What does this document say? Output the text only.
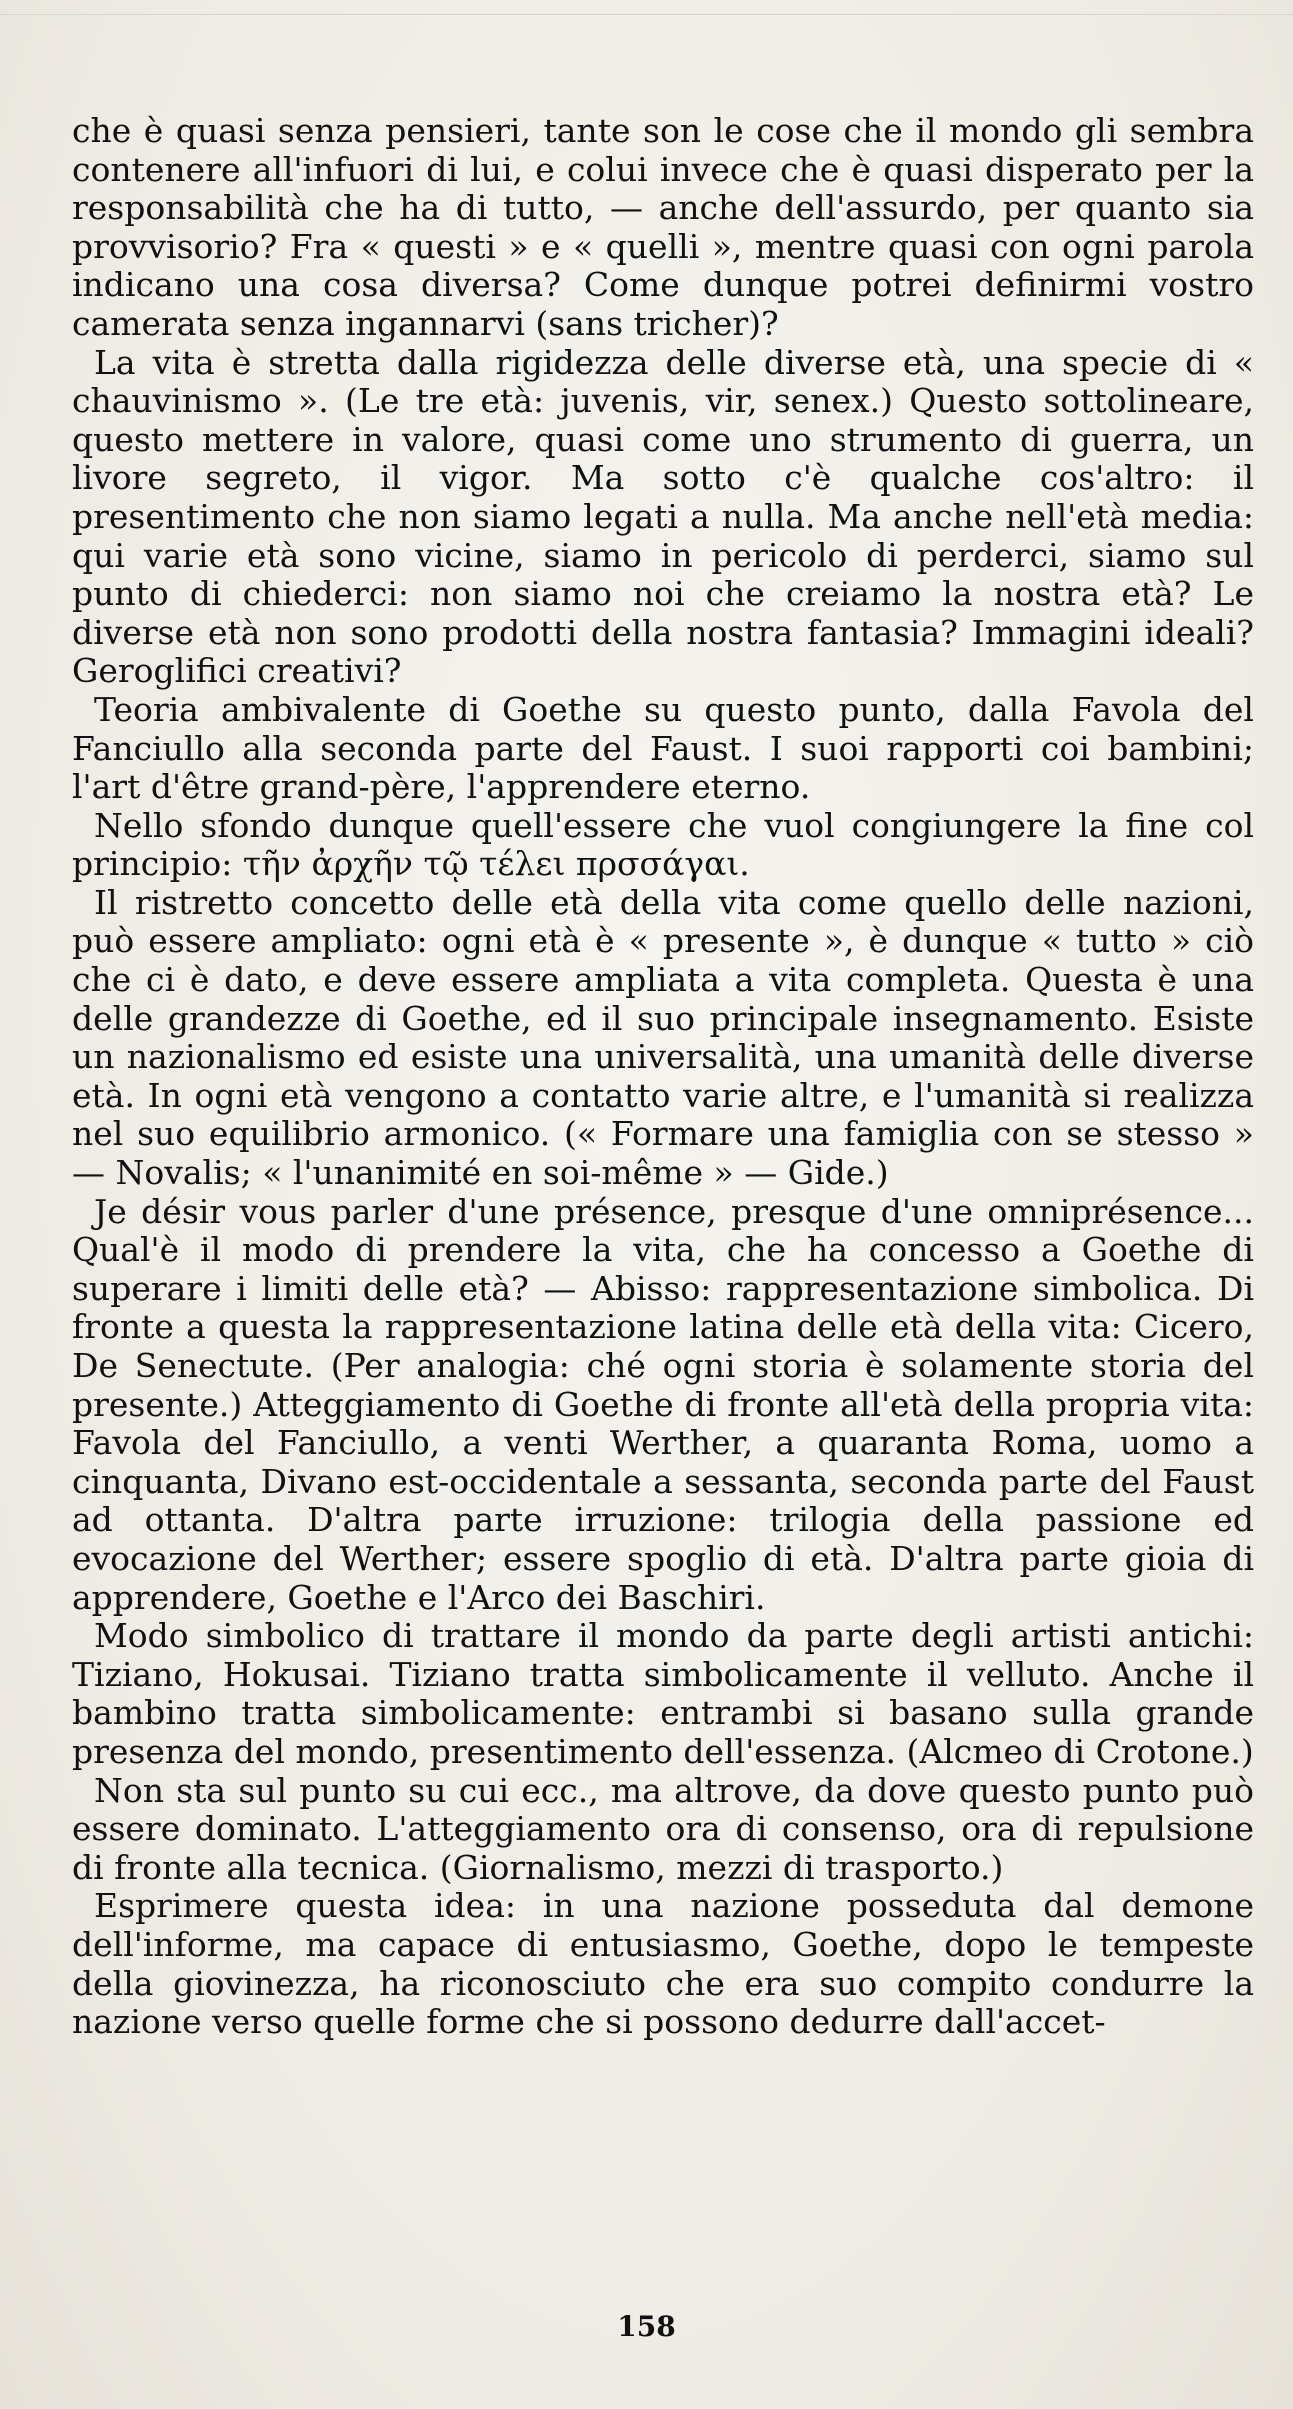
che è quasi senza pensieri, tante son le cose che il mondo gli sembra contenere all'infuori di lui, e colui invece che è quasi disperato per la responsabilità che ha di tutto, — anche dell'assurdo, per quanto sia provvisorio? Fra « questi » e « quelli », mentre quasi con ogni parola indicano una cosa diversa? Come dunque potrei definirmi vostro camerata senza ingannarvi (sans tricher)?

La vita è stretta dalla rigidezza delle diverse età, una specie di « chauvinismo ». (Le tre età: juvenis, vir, senex.) Questo sottolineare, questo mettere in valore, quasi come uno strumento di guerra, un livore segreto, il vigor. Ma sotto c'è qualche cos'altro: il presentimento che non siamo legati a nulla. Ma anche nell'età media: qui varie età sono vicine, siamo in pericolo di perderci, siamo sul punto di chiederci: non siamo noi che creiamo la nostra età? Le diverse età non sono prodotti della nostra fantasia? Immagini ideali? Geroglifici creativi?

Teoria ambivalente di Goethe su questo punto, dalla Favola del Fanciullo alla seconda parte del Faust. I suoi rapporti coi bambini; l'art d'être grand-père, l'apprendere eterno.

Nello sfondo dunque quell'essere che vuol congiungere la fine col principio: τῆν ἀρχῆν τῷ τέλει πρσσάγαι.

Il ristretto concetto delle età della vita come quello delle nazioni, può essere ampliato: ogni età è « presente », è dunque « tutto » ciò che ci è dato, e deve essere ampliata a vita completa. Questa è una delle grandezze di Goethe, ed il suo principale insegnamento. Esiste un nazionalismo ed esiste una universalità, una umanità delle diverse età. In ogni età vengono a contatto varie altre, e l'umanità si realizza nel suo equilibrio armonico. (« Formare una famiglia con se stesso » — Novalis; « l'unanimité en soi-même » — Gide.)

Je désir vous parler d'une présence, presque d'une omniprésence... Qual'è il modo di prendere la vita, che ha concesso a Goethe di superare i limiti delle età? — Abisso: rappresentazione simbolica. Di fronte a questa la rappresentazione latina delle età della vita: Cicero, De Senectute. (Per analogia: ché ogni storia è solamente storia del presente.) Atteggiamento di Goethe di fronte all'età della propria vita: Favola del Fanciullo, a venti Werther, a quaranta Roma, uomo a cinquanta, Divano est-occidentale a sessanta, seconda parte del Faust ad ottanta. D'altra parte irruzione: trilogia della passione ed evocazione del Werther; essere spoglio di età. D'altra parte gioia di apprendere, Goethe e l'Arco dei Baschiri.

Modo simbolico di trattare il mondo da parte degli artisti antichi: Tiziano, Hokusai. Tiziano tratta simbolicamente il velluto. Anche il bambino tratta simbolicamente: entrambi si basano sulla grande presenza del mondo, presentimento dell'essenza. (Alcmeo di Crotone.)

Non sta sul punto su cui ecc., ma altrove, da dove questo punto può essere dominato. L'atteggiamento ora di consenso, ora di repulsione di fronte alla tecnica. (Giornalismo, mezzi di trasporto.)

Esprimere questa idea: in una nazione posseduta dal demone dell'informe, ma capace di entusiasmo, Goethe, dopo le tempeste della giovinezza, ha riconosciuto che era suo compito condurre la nazione verso quelle forme che si possono dedurre dall'accet-

158
